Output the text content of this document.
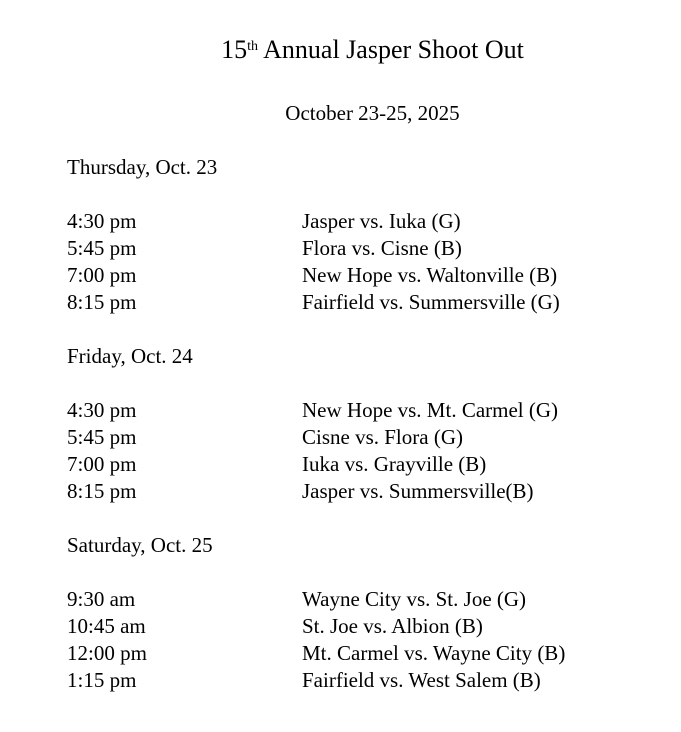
15th Annual Jasper Shoot Out
October 23-25, 2025
Thursday, Oct. 23
4:30 pm	Jasper vs. Iuka (G)
5:45 pm	Flora vs. Cisne (B)
7:00 pm	New Hope vs. Waltonville (B)
8:15 pm	Fairfield vs. Summersville (G)
Friday, Oct. 24
4:30 pm	New Hope vs. Mt. Carmel (G)
5:45 pm	Cisne vs. Flora (G)
7:00 pm	Iuka vs. Grayville (B)
8:15 pm	Jasper vs. Summersville(B)
Saturday, Oct. 25
9:30 am	Wayne City vs. St. Joe (G)
10:45 am	St. Joe vs. Albion (B)
12:00 pm	Mt. Carmel vs. Wayne City (B)
1:15 pm	Fairfield vs. West Salem (B)
